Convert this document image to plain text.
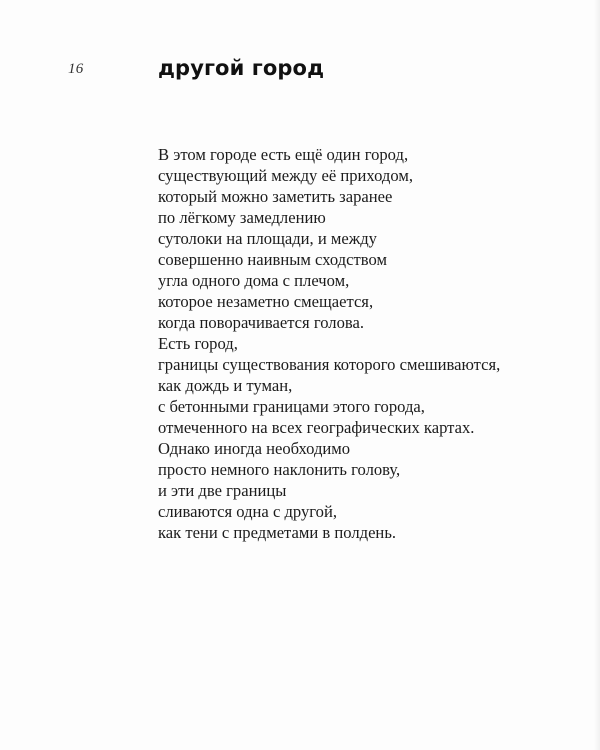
16	другой город
В этом городе есть ещё один город,
существующий между её приходом,
который можно заметить заранее
по лёгкому замедлению
сутолоки на площади, и между
совершенно наивным сходством
угла одного дома с плечом,
которое незаметно смещается,
когда поворачивается голова.
Есть город,
границы существования которого смешиваются,
как дождь и туман,
с бетонными границами этого города,
отмеченного на всех географических картах.
Однако иногда необходимо
просто немного наклонить голову,
и эти две границы
сливаются одна с другой,
как тени с предметами в полдень.
